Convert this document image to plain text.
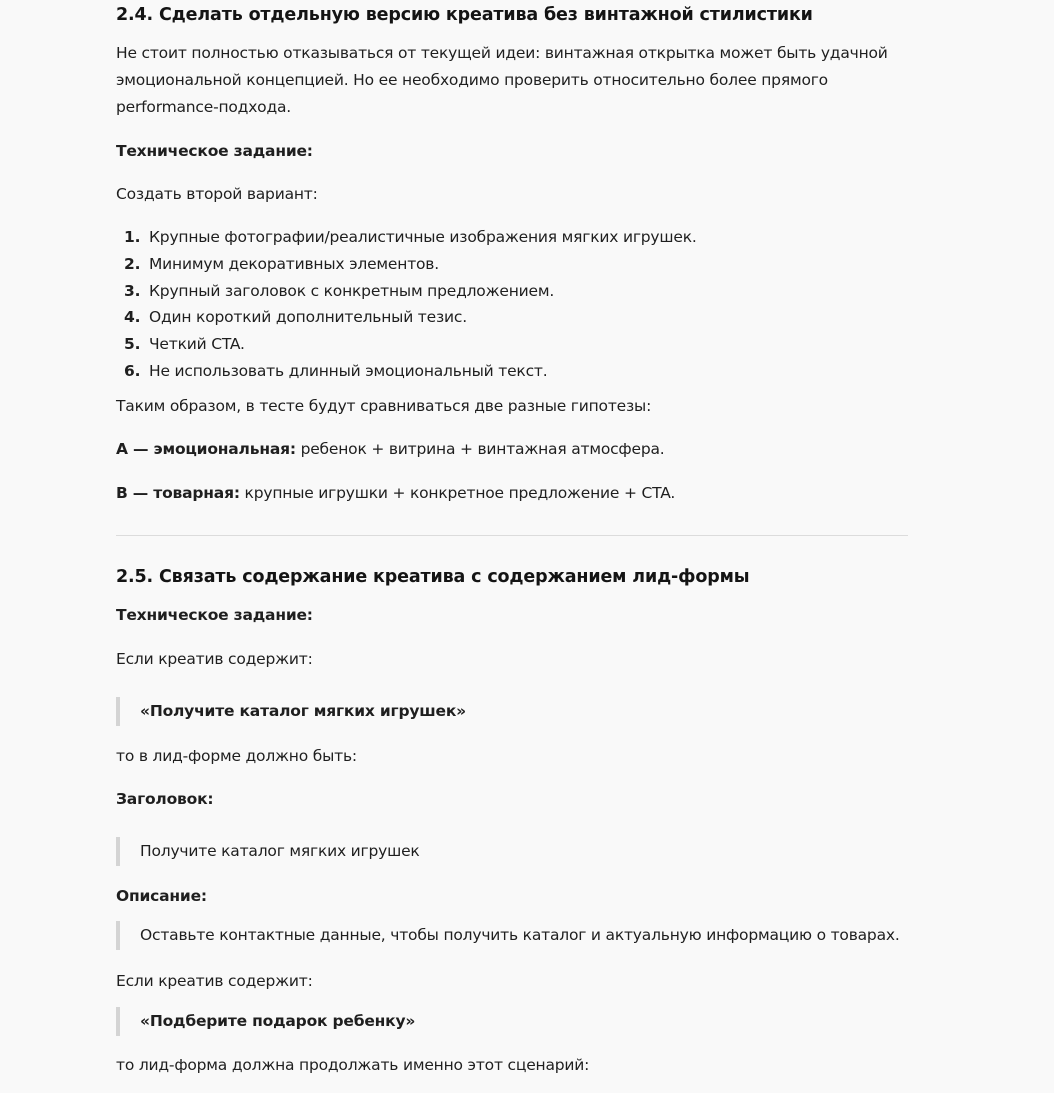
2.4. Сделать отдельную версию креатива без винтажной стилистики

Не стоит полностью отказываться от текущей идеи: винтажная открытка может быть удачной эмоциональной концепцией. Но ее необходимо проверить относительно более прямого performance-подхода.

Техническое задание:

Создать второй вариант:

1. Крупные фотографии/реалистичные изображения мягких игрушек.
2. Минимум декоративных элементов.
3. Крупный заголовок с конкретным предложением.
4. Один короткий дополнительный тезис.
5. Четкий CTA.
6. Не использовать длинный эмоциональный текст.

Таким образом, в тесте будут сравниваться две разные гипотезы:

А — эмоциональная: ребенок + витрина + винтажная атмосфера.

В — товарная: крупные игрушки + конкретное предложение + CTA.

2.5. Связать содержание креатива с содержанием лид-формы

Техническое задание:

Если креатив содержит:

«Получите каталог мягких игрушек»

то в лид-форме должно быть:

Заголовок:

Получите каталог мягких игрушек

Описание:

Оставьте контактные данные, чтобы получить каталог и актуальную информацию о товарах.

Если креатив содержит:

«Подберите подарок ребенку»

то лид-форма должна продолжать именно этот сценарий:
